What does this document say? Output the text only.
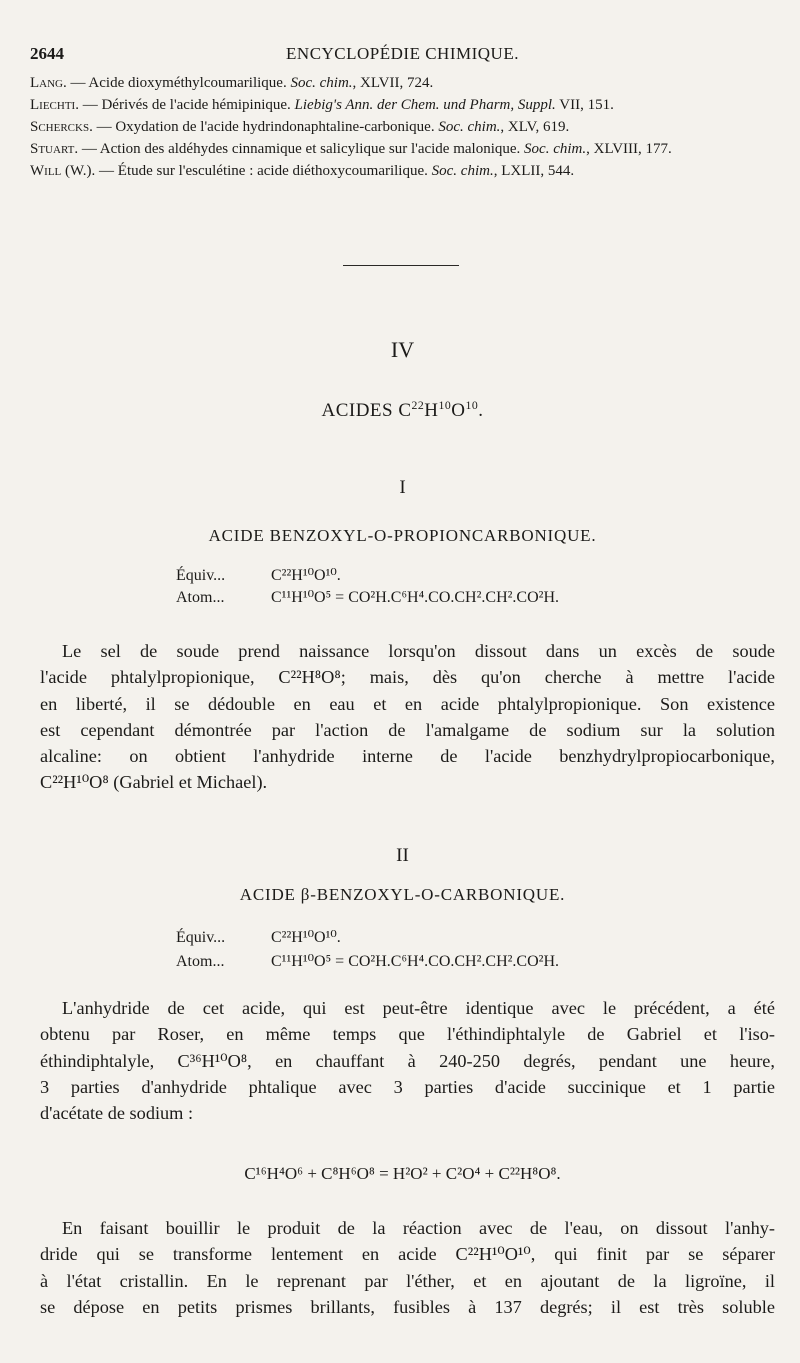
2644	ENCYCLOPÉDIE CHIMIQUE.

Lang. — Acide dioxyméthylcoumarilique. Soc. chim., XLVII, 724.

Liechti. — Dérivés de l'acide hémipinique. Liebig's Ann. der Chem. und Pharm, Suppl. VII, 151.

Schercks. — Oxydation de l'acide hydrindonaphtaline-carbonique. Soc. chim., XLV, 619.

Stuart. — Action des aldéhydes cinnamique et salicylique sur l'acide malonique. Soc. chim., XLVIII, 177.

Will (W.). — Étude sur l'esculétine : acide diéthoxycoumarilique. Soc. chim., LXLII, 544.

IV
ACIDES $C^{22}H^{10}O^{10}$.
I
ACIDE BENZOXYL-O-PROPIONCARBONIQUE.
Équiv...	C²²H¹⁰O¹⁰.
Atom...	C¹¹H¹⁰O⁵ = CO²H.C⁶H⁴.CO.CH².CH².CO²H.
Le sel de soude prend naissance lorsqu'on dissout dans un excès de soude
l'acide phtalylpropionique, C²²H⁸O⁸; mais, dès qu'on cherche à mettre l'acide
en liberté, il se dédouble en eau et en acide phtalylpropionique. Son existence
est cependant démontrée par l'action de l'amalgame de sodium sur la solution
alcaline: on obtient l'anhydride interne de l'acide benzhydrylpropiocarbonique,
C²²H¹⁰O⁸ (Gabriel et Michael).
II
ACIDE β-BENZOXYL-O-CARBONIQUE.
Équiv...	C²²H¹⁰O¹⁰.
Atom...	C¹¹H¹⁰O⁵ = CO²H.C⁶H⁴.CO.CH².CH².CO²H.
L'anhydride de cet acide, qui est peut-être identique avec le précédent, a été
obtenu par Roser, en même temps que l'éthindiphtalyle de Gabriel et l'iso-
éthindiphtalyle, C³⁶H¹⁰O⁸, en chauffant à 240-250 degrés, pendant une heure,
3 parties d'anhydride phtalique avec 3 parties d'acide succinique et 1 partie
d'acétate de sodium :
C¹⁶H⁴O⁶ + C⁸H⁶O⁸ = H²O² + C²O⁴ + C²²H⁸O⁸.
En faisant bouillir le produit de la réaction avec de l'eau, on dissout l'anhy-
dride qui se transforme lentement en acide C²²H¹⁰O¹⁰, qui finit par se séparer
à l'état cristallin. En le reprenant par l'éther, et en ajoutant de la ligroïne, il
se dépose en petits prismes brillants, fusibles à 137 degrés; il est très soluble
